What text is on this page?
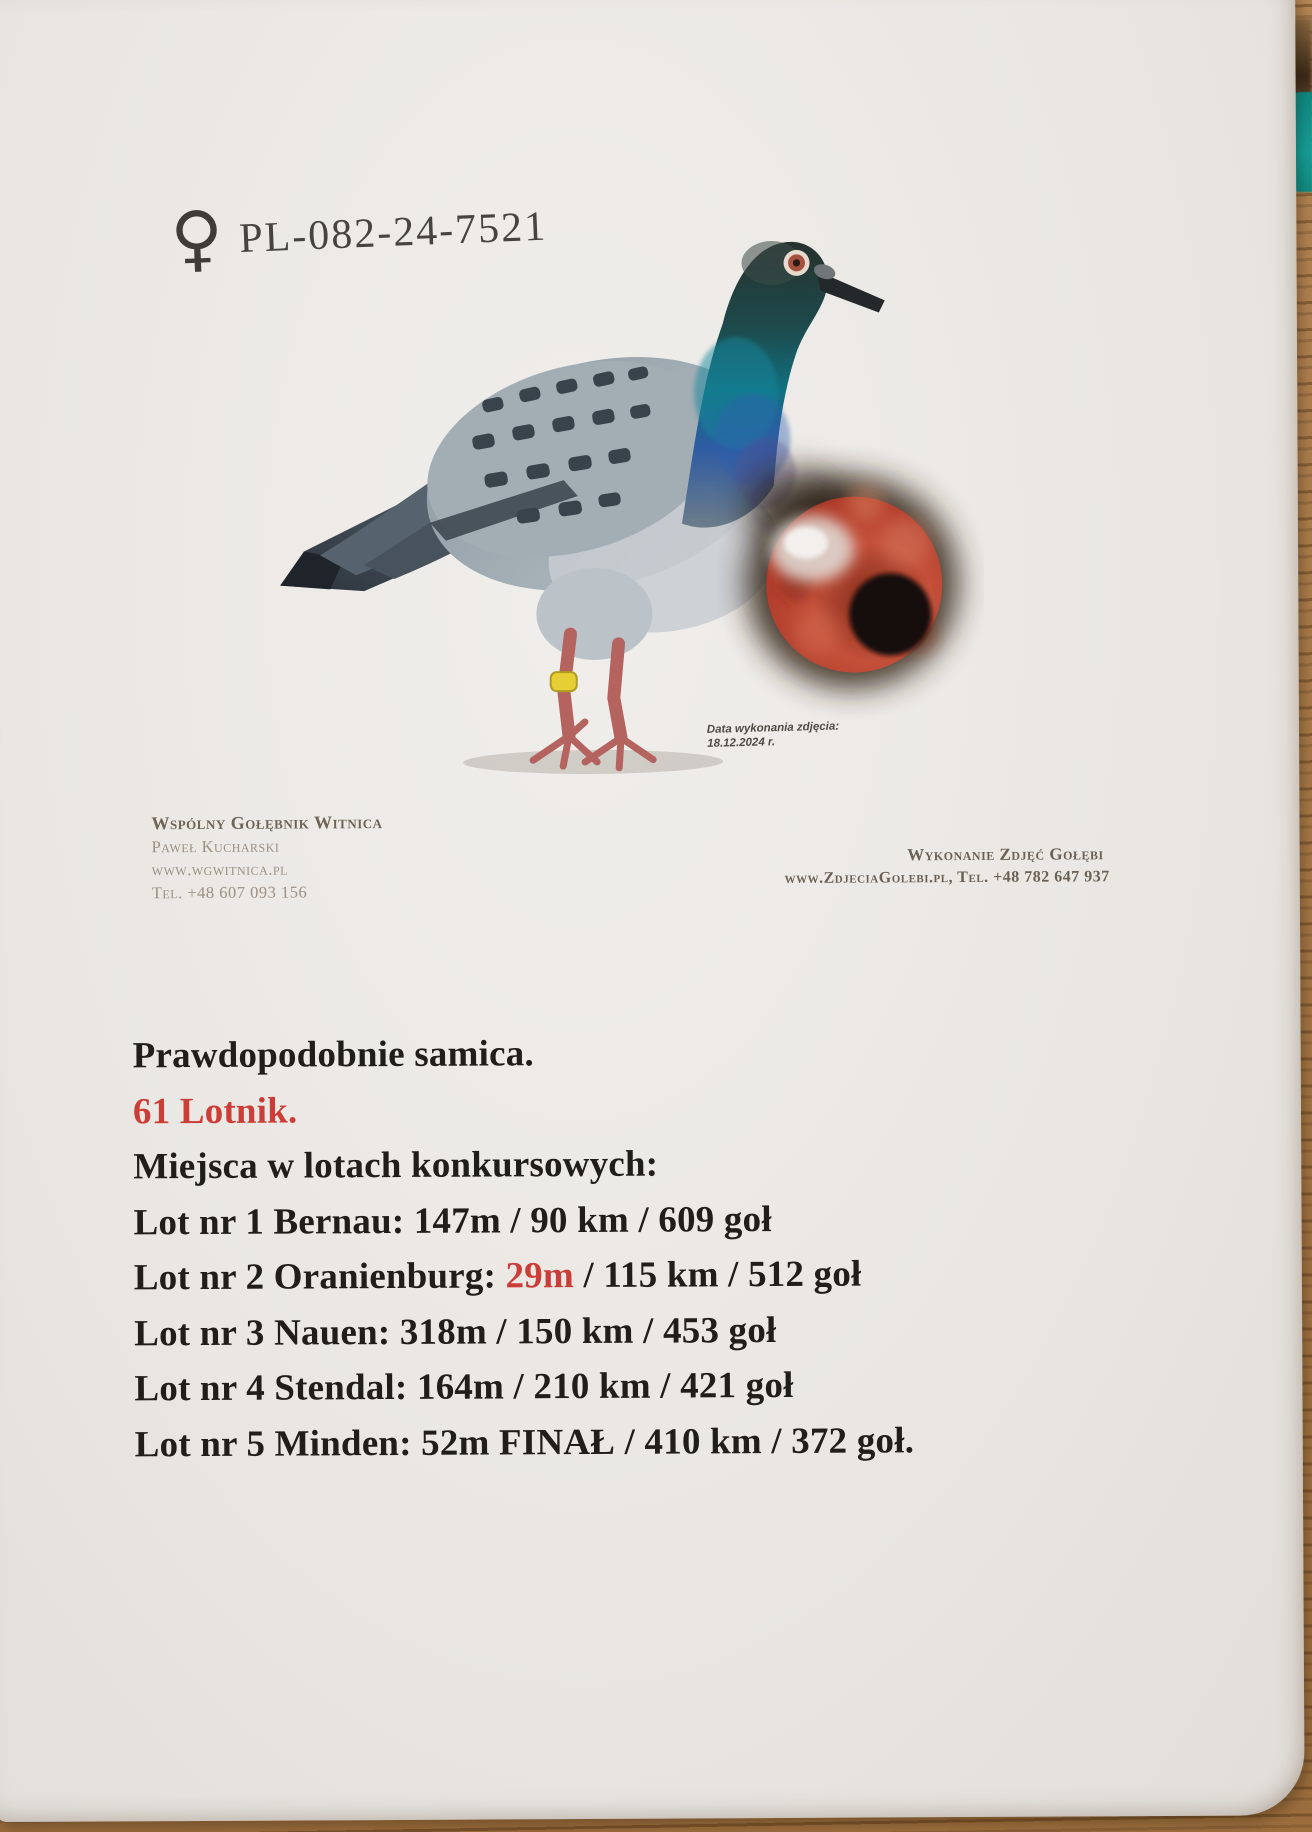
♀ PL-082-24-7521
Data wykonania zdjęcia:
18.12.2024 r.
Wspólny Gołębnik Witnica
Paweł Kucharski
www.wgwitnica.pl
Tel. +48 607 093 156
Wykonanie Zdjęć Gołębi
www.ZdjeciaGolebi.pl, Tel. +48 782 647 937
Prawdopodobnie samica.
61 Lotnik.
Miejsca w lotach konkursowych:
Lot nr 1 Bernau: 147m / 90 km / 609 goł
Lot nr 2 Oranienburg: 29m / 115 km / 512 goł
Lot nr 3 Nauen: 318m / 150 km / 453 goł
Lot nr 4 Stendal: 164m / 210 km / 421 goł
Lot nr 5 Minden: 52m FINAŁ / 410 km / 372 goł.
